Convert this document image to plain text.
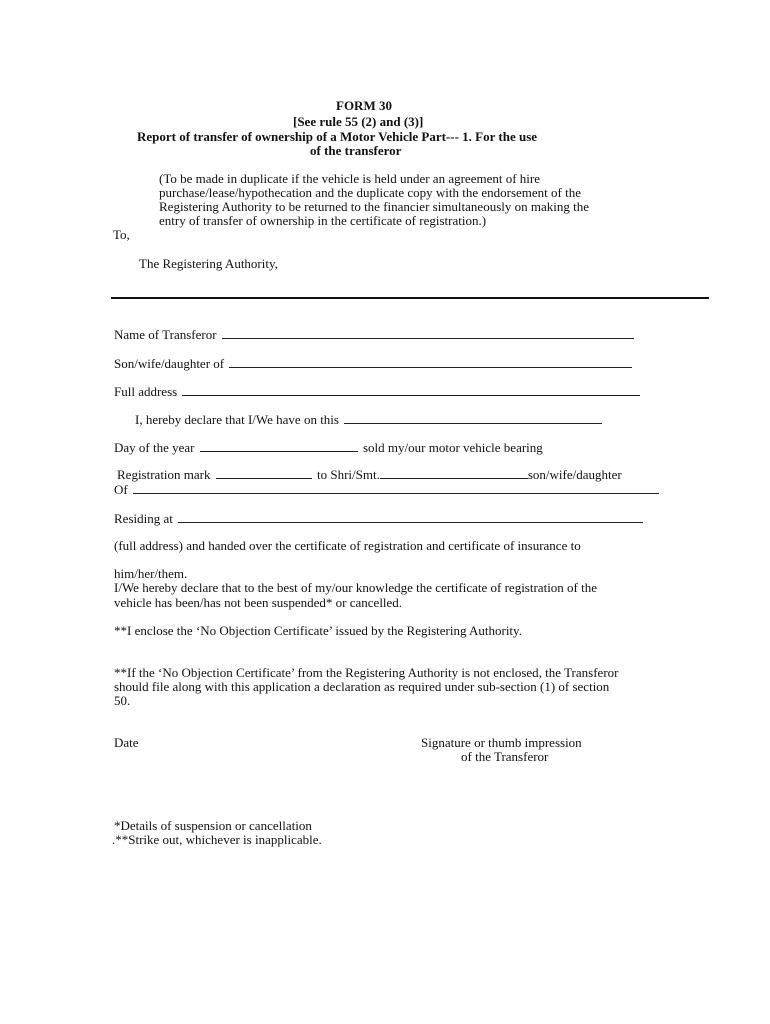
FORM 30
[See rule 55 (2) and (3)]
Report of transfer of ownership of a Motor Vehicle Part--- 1. For the use
of the transferor
(To be made in duplicate if the vehicle is held under an agreement of hire
purchase/lease/hypothecation and the duplicate copy with the endorsement of the
Registering Authority to be returned to the financier simultaneously on making the
entry of transfer of ownership in the certificate of registration.)
To,
The Registering Authority,
Name of Transferor
Son/wife/daughter of
Full address
I, hereby declare that I/We have on this
Day of the year	sold my/our motor vehicle bearing
Registration mark	to Shri/Smt.	son/wife/daughter
Of
Residing at
(full address) and handed over the certificate of registration and certificate of insurance to
him/her/them.
I/We hereby declare that to the best of my/our knowledge the certificate of registration of the
vehicle has been/has not been suspended* or cancelled.
**I enclose the ‘No Objection Certificate’ issued by the Registering Authority.
**If the ‘No Objection Certificate’ from the Registering Authority is not enclosed, the Transferor
should file along with this application a declaration as required under sub-section (1) of section
50.
Date	Signature or thumb impression
of the Transferor
*Details of suspension or cancellation
.**Strike out, whichever is inapplicable.
